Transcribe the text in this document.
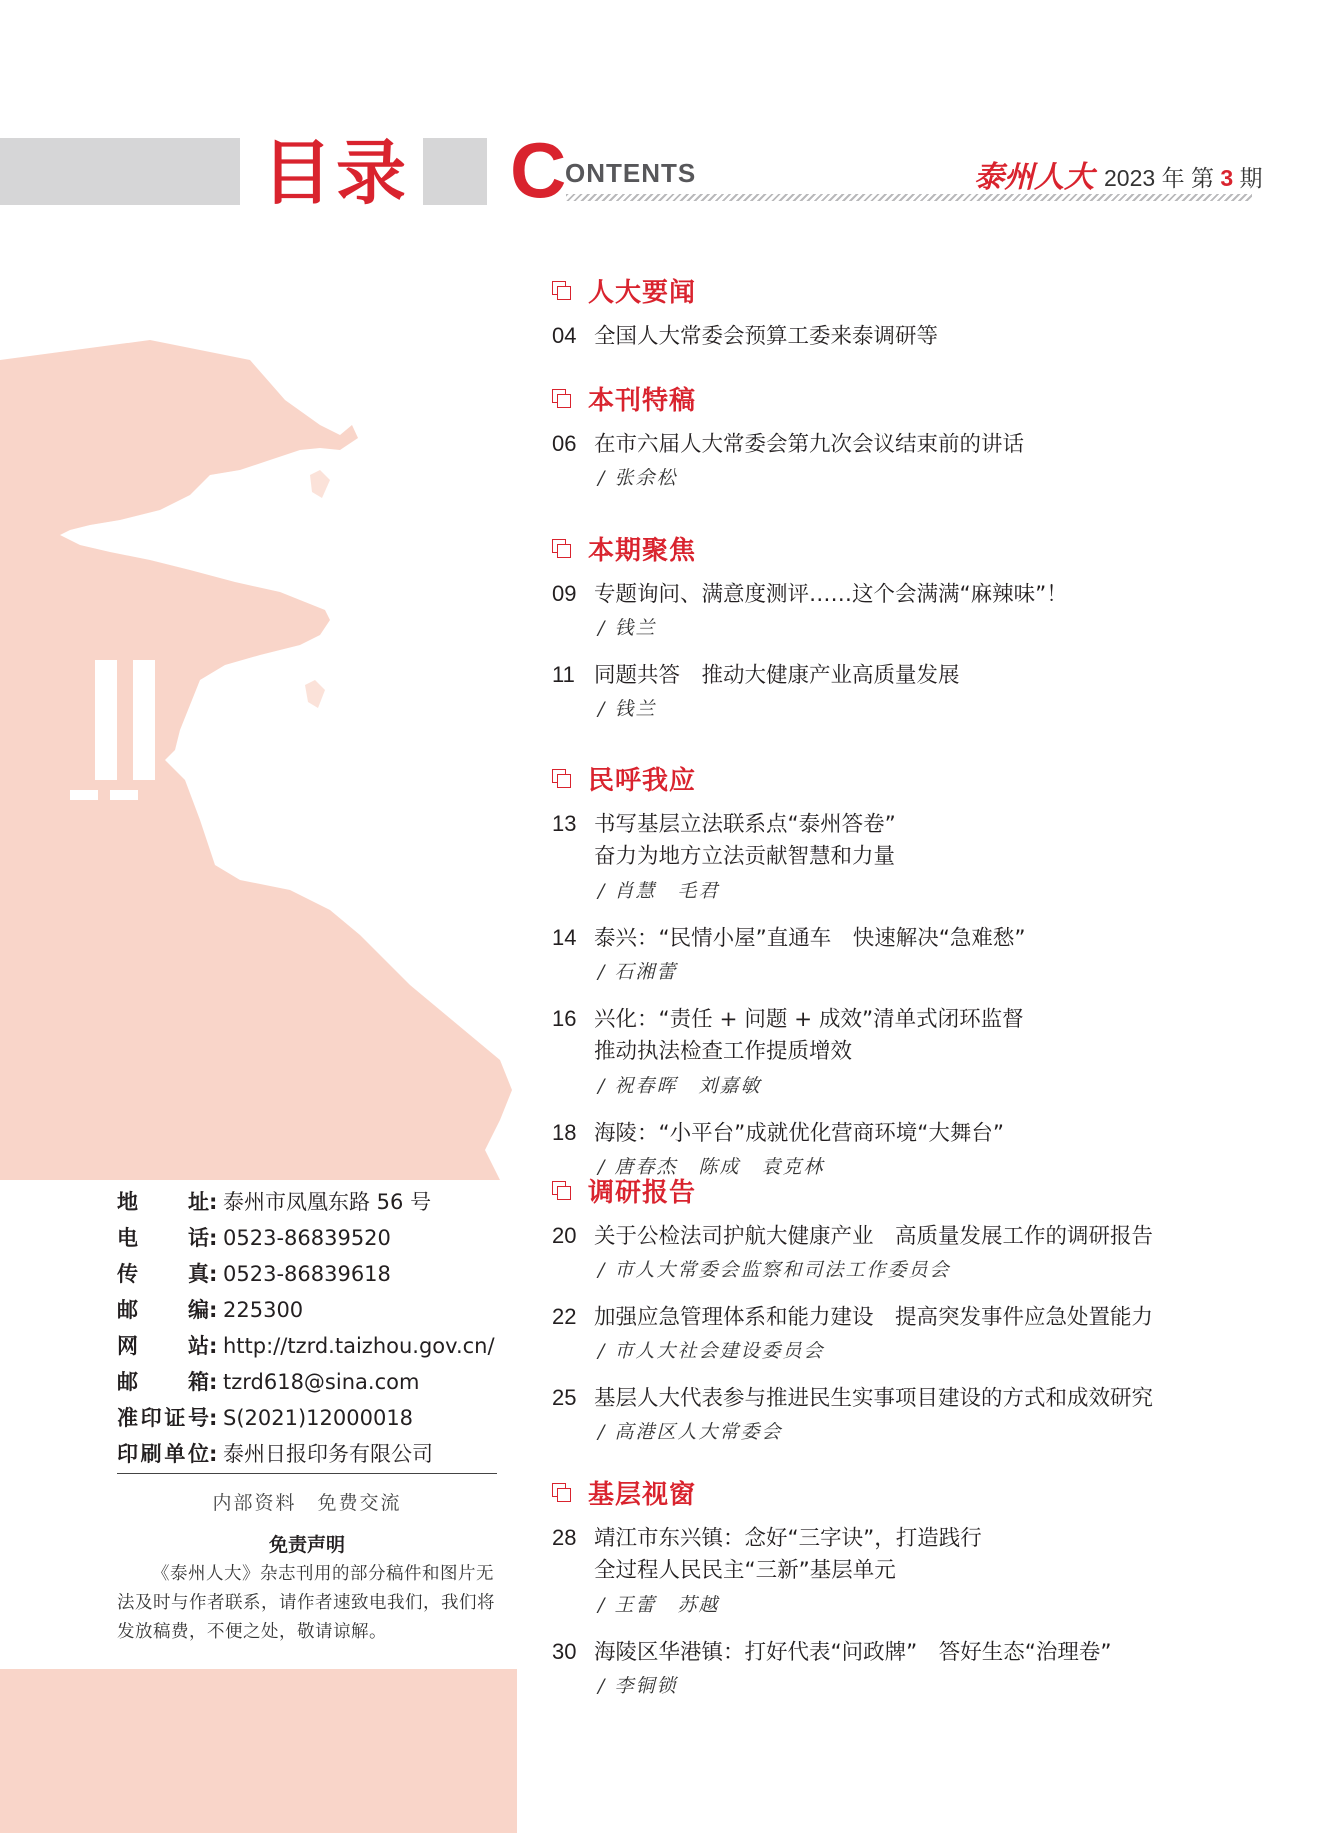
目录 C
ONTENTS	泰州人大 2023 年 第 3 期
地址 : 泰州市凤凰东路 56 号
电话 : 0523-86839520
传真 : 0523-86839618
邮编 : 225300
网站 : http://tzrd.taizhou.gov.cn/
邮箱 : tzrd618@sina.com
准印证号 : S(2021)12000018
印刷单位 : 泰州日报印务有限公司
内部资料　免费交流
免责声明
《泰州人大》杂志刊用的部分稿件和图片无法及时与作者联系，请作者速致电我们，我们将发放稿费，不便之处，敬请谅解。
人大要闻
04 全国人大常委会预算工委来泰调研等
本刊特稿
06 在市六届人大常委会第九次会议结束前的讲话
/ 张余松
本期聚焦
09 专题询问、满意度测评……这个会满满“麻辣味”！
/ 钱兰
11 同题共答　推动大健康产业高质量发展
/ 钱兰
民呼我应
13 书写基层立法联系点“泰州答卷”
奋力为地方立法贡献智慧和力量
/ 肖慧　毛君
14 泰兴：“民情小屋”直通车　快速解决“急难愁”
/ 石湘蕾
16 兴化：“责任 + 问题 + 成效”清单式闭环监督
推动执法检查工作提质增效
/ 祝春晖　刘嘉敏
18 海陵：“小平台”成就优化营商环境“大舞台”
/ 唐春杰　陈成　袁克林
调研报告
20 关于公检法司护航大健康产业　高质量发展工作的调研报告
/ 市人大常委会监察和司法工作委员会
22 加强应急管理体系和能力建设　提高突发事件应急处置能力
/ 市人大社会建设委员会
25 基层人大代表参与推进民生实事项目建设的方式和成效研究
/ 高港区人大常委会
基层视窗
28 靖江市东兴镇：念好“三字诀”，打造践行
全过程人民民主“三新”基层单元
/ 王蕾　苏越
30 海陵区华港镇：打好代表“问政牌”　答好生态“治理卷”
/ 李铜锁
